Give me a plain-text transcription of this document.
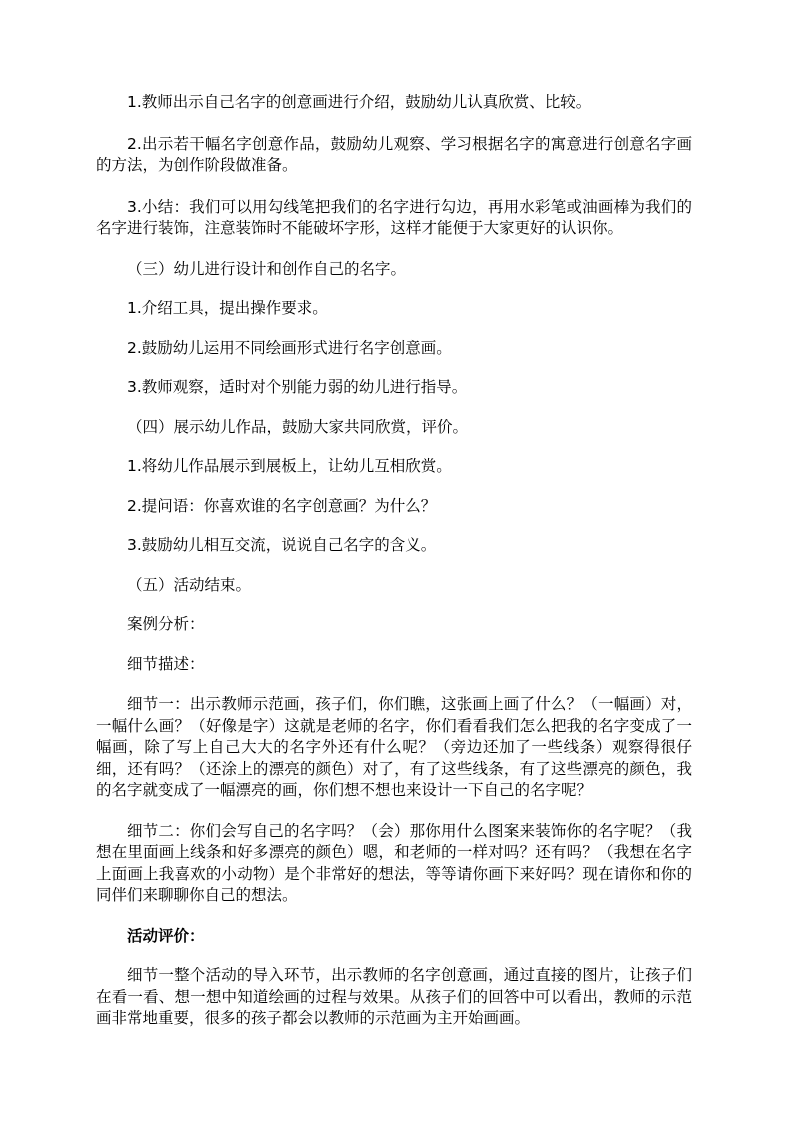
1.教师出示自己名字的创意画进行介绍，鼓励幼儿认真欣赏、比较。

2.出示若干幅名字创意作品，鼓励幼儿观察、学习根据名字的寓意进行创意名字画的方法，为创作阶段做准备。

3.小结：我们可以用勾线笔把我们的名字进行勾边，再用水彩笔或油画棒为我们的名字进行装饰，注意装饰时不能破坏字形，这样才能便于大家更好的认识你。

（三）幼儿进行设计和创作自己的名字。

1.介绍工具，提出操作要求。

2.鼓励幼儿运用不同绘画形式进行名字创意画。

3.教师观察，适时对个别能力弱的幼儿进行指导。

（四）展示幼儿作品，鼓励大家共同欣赏，评价。

1.将幼儿作品展示到展板上，让幼儿互相欣赏。

2.提问语：你喜欢谁的名字创意画？为什么？

3.鼓励幼儿相互交流，说说自己名字的含义。

（五）活动结束。

案例分析：

细节描述：

细节一：出示教师示范画，孩子们，你们瞧，这张画上画了什么？（一幅画）对，一幅什么画？（好像是字）这就是老师的名字，你们看看我们怎么把我的名字变成了一幅画，除了写上自己大大的名字外还有什么呢？（旁边还加了一些线条）观察得很仔细，还有吗？（还涂上的漂亮的颜色）对了，有了这些线条，有了这些漂亮的颜色，我的名字就变成了一幅漂亮的画，你们想不想也来设计一下自己的名字呢？

细节二：你们会写自己的名字吗？（会）那你用什么图案来装饰你的名字呢？（我想在里面画上线条和好多漂亮的颜色）嗯，和老师的一样对吗？还有吗？（我想在名字上面画上我喜欢的小动物）是个非常好的想法，等等请你画下来好吗？现在请你和你的同伴们来聊聊你自己的想法。

活动评价：

细节一整个活动的导入环节，出示教师的名字创意画，通过直接的图片，让孩子们在看一看、想一想中知道绘画的过程与效果。从孩子们的回答中可以看出，教师的示范画非常地重要，很多的孩子都会以教师的示范画为主开始画画。
